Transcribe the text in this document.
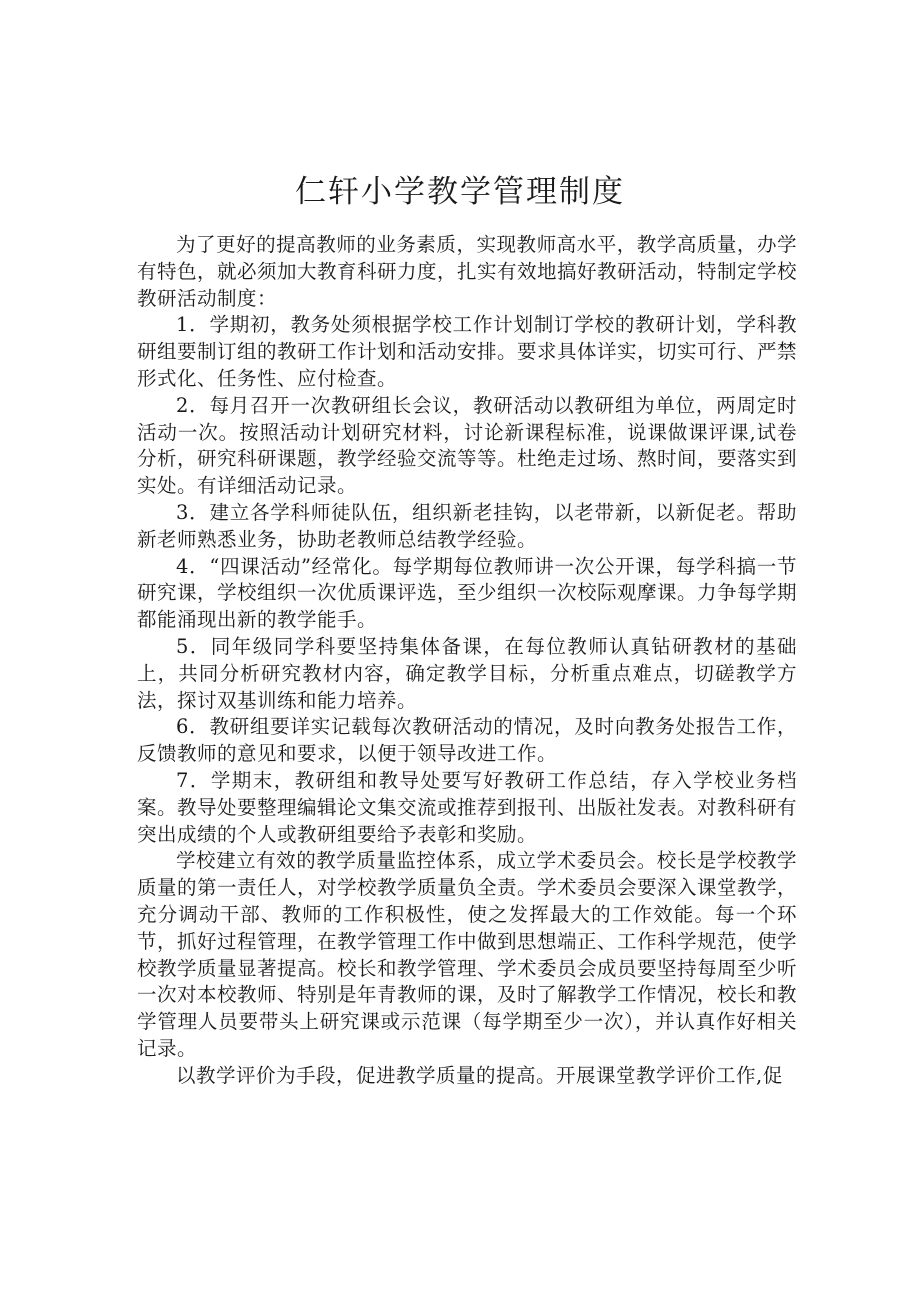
仁轩小学教学管理制度

为了更好的提高教师的业务素质，实现教师高水平，教学高质量，办学有特色，就必须加大教育科研力度，扎实有效地搞好教研活动，特制定学校教研活动制度：

1．学期初，教务处须根据学校工作计划制订学校的教研计划，学科教研组要制订组的教研工作计划和活动安排。要求具体详实，切实可行、严禁形式化、任务性、应付检查。

2．每月召开一次教研组长会议，教研活动以教研组为单位，两周定时活动一次。按照活动计划研究材料，讨论新课程标准，说课做课评课,试卷分析，研究科研课题，教学经验交流等等。杜绝走过场、熬时间，要落实到实处。有详细活动记录。

3．建立各学科师徒队伍，组织新老挂钩，以老带新，以新促老。帮助新老师熟悉业务，协助老教师总结教学经验。

4．“四课活动”经常化。每学期每位教师讲一次公开课，每学科搞一节研究课，学校组织一次优质课评选，至少组织一次校际观摩课。力争每学期都能涌现出新的教学能手。

5．同年级同学科要坚持集体备课，在每位教师认真钻研教材的基础上，共同分析研究教材内容，确定教学目标，分析重点难点，切磋教学方法，探讨双基训练和能力培养。

6．教研组要详实记载每次教研活动的情况，及时向教务处报告工作，反馈教师的意见和要求，以便于领导改进工作。

7．学期末，教研组和教导处要写好教研工作总结，存入学校业务档案。教导处要整理编辑论文集交流或推荐到报刊、出版社发表。对教科研有突出成绩的个人或教研组要给予表彰和奖励。

学校建立有效的教学质量监控体系，成立学术委员会。校长是学校教学质量的第一责任人，对学校教学质量负全责。学术委员会要深入课堂教学，充分调动干部、教师的工作积极性，使之发挥最大的工作效能。每一个环节，抓好过程管理，在教学管理工作中做到思想端正、工作科学规范，使学校教学质量显著提高。校长和教学管理、学术委员会成员要坚持每周至少听一次对本校教师、特别是年青教师的课，及时了解教学工作情况，校长和教学管理人员要带头上研究课或示范课（每学期至少一次），并认真作好相关记录。

以教学评价为手段，促进教学质量的提高。开展课堂教学评价工作,促
